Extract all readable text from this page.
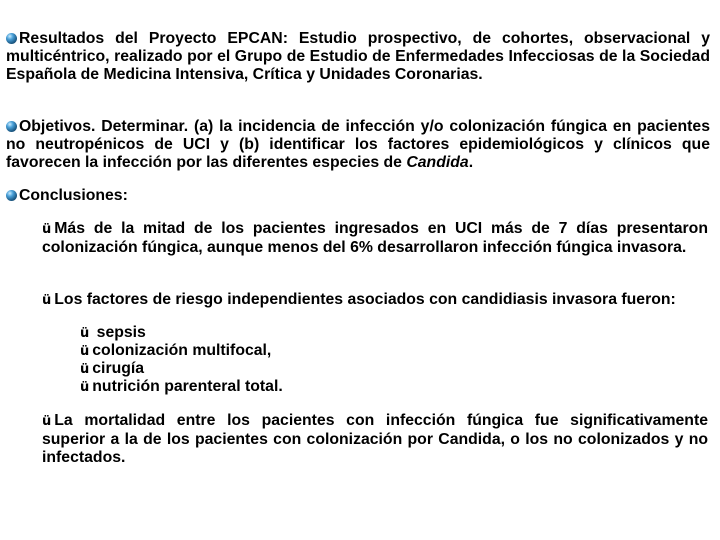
Resultados del Proyecto EPCAN: Estudio prospectivo, de cohortes, observacional y multicéntrico, realizado por el Grupo de Estudio de Enfermedades Infecciosas de la Sociedad Española de Medicina Intensiva, Crítica y Unidades Coronarias.
Objetivos. Determinar. (a) la incidencia de infección y/o colonización fúngica en pacientes no neutropénicos de UCI y (b) identificar los factores epidemiológicos y clínicos que favorecen la infección por las diferentes especies de Candida.
Conclusiones:
ü Más de la mitad de los pacientes ingresados en UCI más de 7 días presentaron colonización fúngica, aunque menos del 6% desarrollaron infección fúngica invasora.
ü Los factores de riesgo independientes asociados con candidiasis invasora fueron:
ü sepsis
ü colonización multifocal,
ü cirugía
ü nutrición parenteral total.
ü La mortalidad entre los pacientes con infección fúngica fue significativamente superior a la de los pacientes con colonización por Candida, o los no colonizados y no infectados.
